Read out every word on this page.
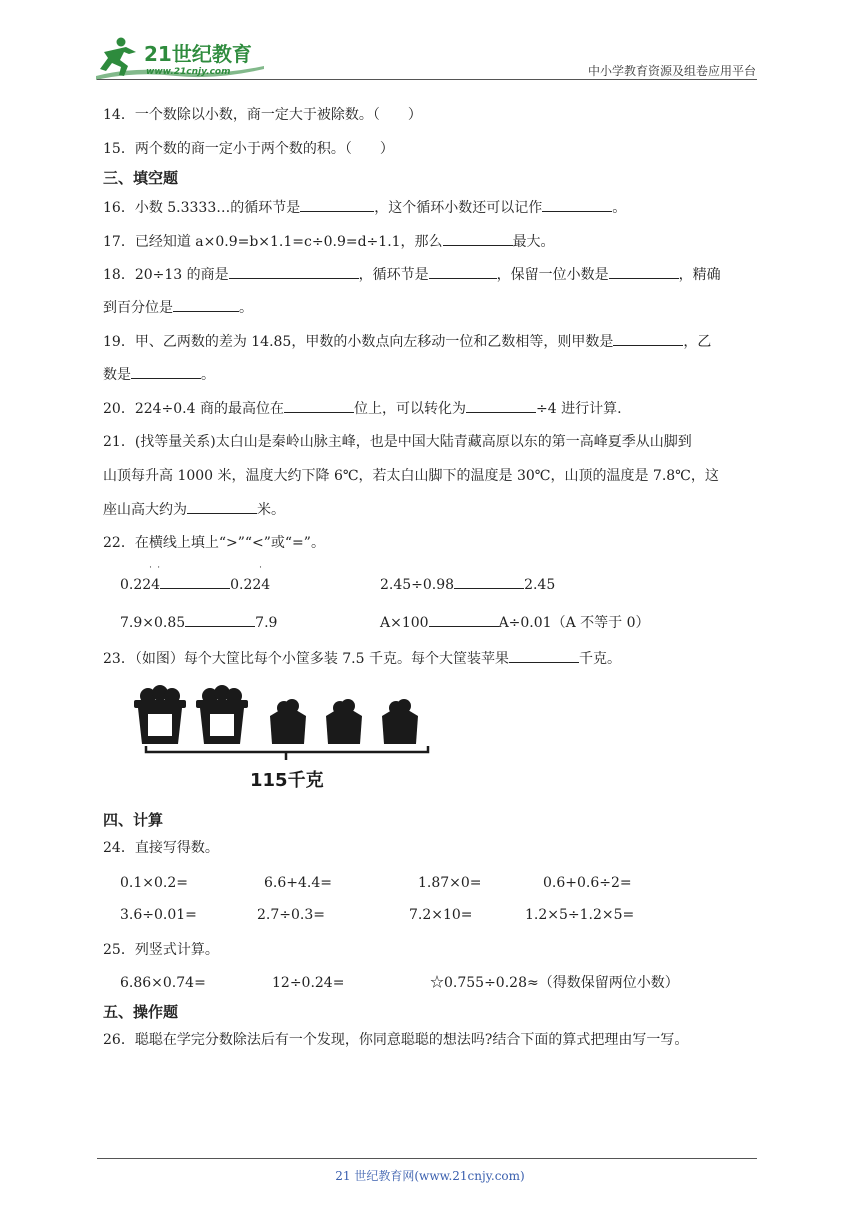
21世纪教育
www.21cnjy.com	中小学教育资源及组卷应用平台
14．一个数除以小数，商一定大于被除数。（　　）
15．两个数的商一定小于两个数的积。（　　）
三、填空题
16．小数 5.3333…的循环节是	，这个循环小数还可以记作	。
17．已经知道 a×0.9=b×1.1=c÷0.9=d÷1.1，那么	最大。
18．20÷13 的商是	，循环节是	，保留一位小数是	，精确
到百分位是	。
19．甲、乙两数的差为 14.85，甲数的小数点向左移动一位和乙数相等，则甲数是	，乙
数是	。
20．224÷0.4 商的最高位在	位上，可以转化为	÷4 进行计算.
21．(找等量关系)太白山是秦岭山脉主峰，也是中国大陆青藏高原以东的第一高峰夏季从山脚到
山顶每升高 1000 米，温度大约下降 6℃，若太白山脚下的温度是 30℃，山顶的温度是 7.8℃，这
座山高大约为	米。
22．在横线上填上“>”“<”或“=”。
˙ ˙	˙
0.224	0.224	2.45÷0.98	2.45
7.9×0.85	7.9	A×100	A÷0.01（A 不等于 0）
23．（如图）每个大筐比每个小筐多装 7.5 千克。每个大筐装苹果	千克。
115千克
四、计算
24．直接写得数。
0.1×0.2=	6.6+4.4=	1.87×0=	0.6+0.6÷2=
3.6÷0.01=	2.7÷0.3=	7.2×10=	1.2×5÷1.2×5=
25．列竖式计算。
6.86×0.74=	12÷0.24=	☆0.755÷0.28≈（得数保留两位小数）
五、操作题
26．聪聪在学完分数除法后有一个发现，你同意聪聪的想法吗?结合下面的算式把理由写一写。
21 世纪教育网(www.21cnjy.com)
